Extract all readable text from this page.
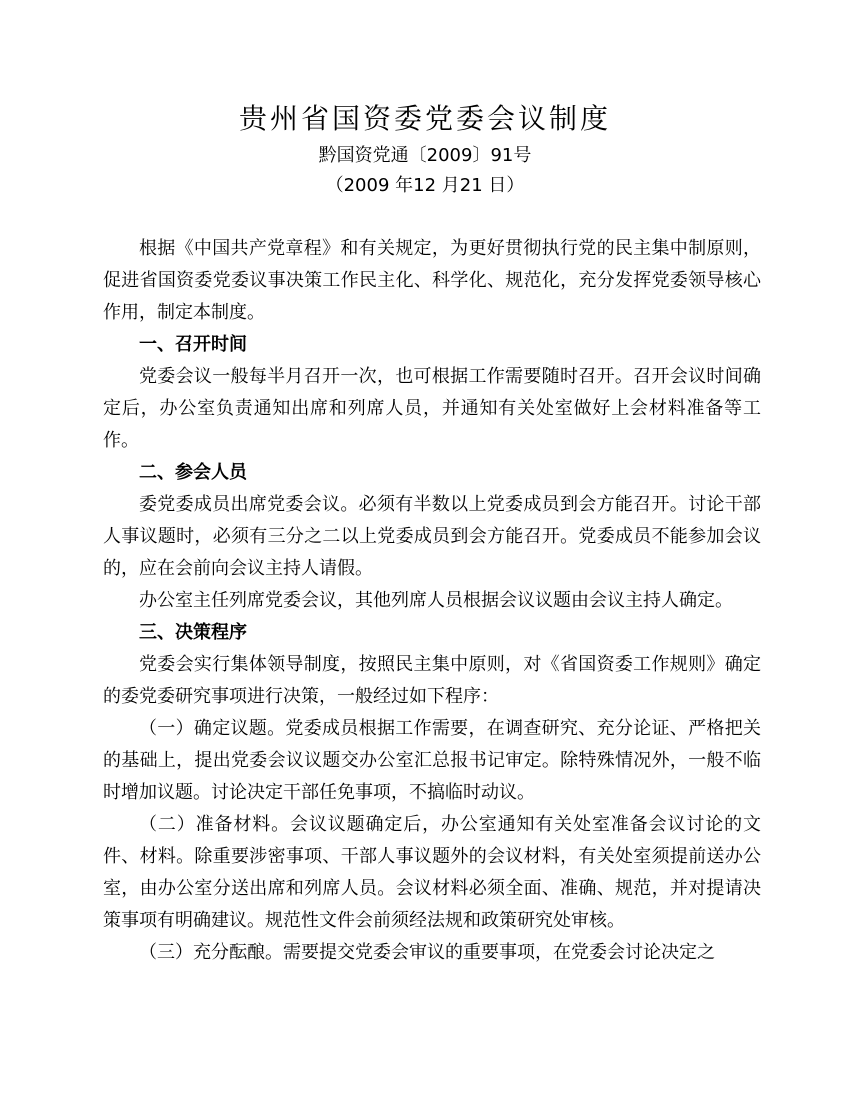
贵州省国资委党委会议制度
黔国资党通〔2009〕91号
（2009 年12 月21 日）

根据《中国共产党章程》和有关规定，为更好贯彻执行党的民主集中制原则，促进省国资委党委议事决策工作民主化、科学化、规范化，充分发挥党委领导核心作用，制定本制度。

一、召开时间

党委会议一般每半月召开一次，也可根据工作需要随时召开。召开会议时间确定后，办公室负责通知出席和列席人员，并通知有关处室做好上会材料准备等工作。

二、参会人员

委党委成员出席党委会议。必须有半数以上党委成员到会方能召开。讨论干部人事议题时，必须有三分之二以上党委成员到会方能召开。党委成员不能参加会议的，应在会前向会议主持人请假。

办公室主任列席党委会议，其他列席人员根据会议议题由会议主持人确定。

三、决策程序

党委会实行集体领导制度，按照民主集中原则，对《省国资委工作规则》确定的委党委研究事项进行决策，一般经过如下程序：

（一）确定议题。党委成员根据工作需要，在调查研究、充分论证、严格把关的基础上，提出党委会议议题交办公室汇总报书记审定。除特殊情况外，一般不临时增加议题。讨论决定干部任免事项，不搞临时动议。

（二）准备材料。会议议题确定后，办公室通知有关处室准备会议讨论的文件、材料。除重要涉密事项、干部人事议题外的会议材料，有关处室须提前送办公室，由办公室分送出席和列席人员。会议材料必须全面、准确、规范，并对提请决策事项有明确建议。规范性文件会前须经法规和政策研究处审核。

（三）充分酝酿。需要提交党委会审议的重要事项，在党委会讨论决定之
